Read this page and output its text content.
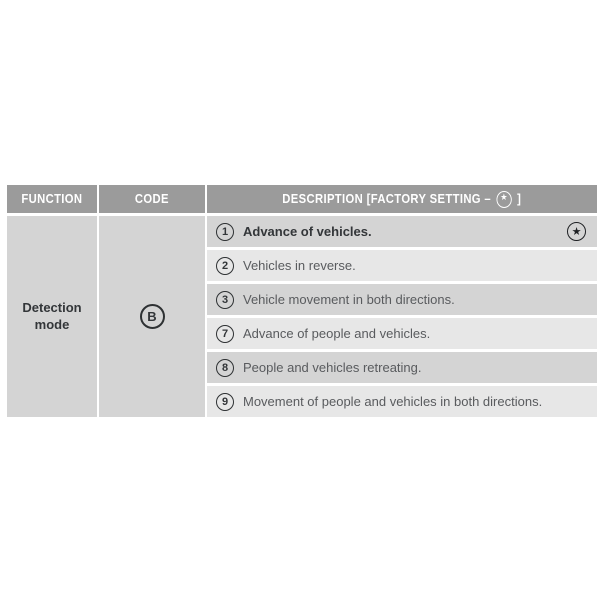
FUNCTION	CODE	DESCRIPTION [FACTORY SETTING – ★ ]
Detection mode	B
1	Advance of vehicles.	★
2	Vehicles in reverse.
3	Vehicle movement in both directions.
7	Advance of people and vehicles.
8	People and vehicles retreating.
9	Movement of people and vehicles in both directions.
